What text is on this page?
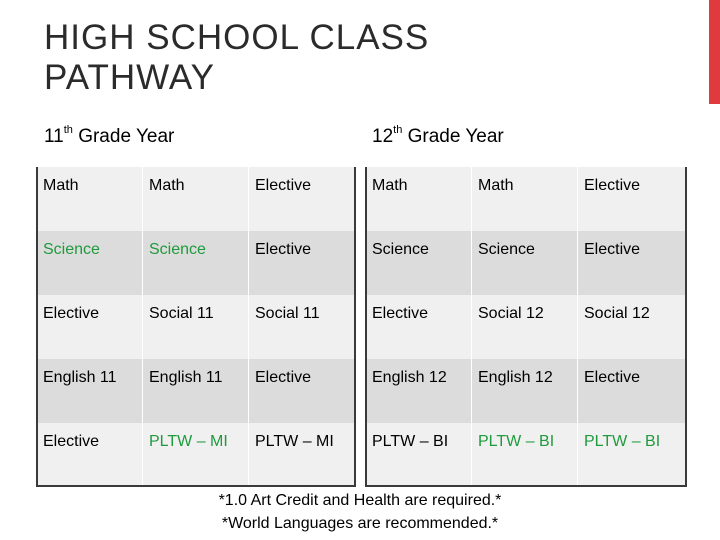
HIGH SCHOOL CLASS
PATHWAY
11th Grade Year	12th Grade Year
Math	Math	Elective
Science	Science	Elective
Elective	Social 11	Social 11
English 11	English 11	Elective
Elective	PLTW – MI	PLTW – MI
Math	Math	Elective
Science	Science	Elective
Elective	Social 12	Social 12
English 12	English 12	Elective
PLTW – BI	PLTW – BI	PLTW – BI
*1.0 Art Credit and Health are required.*
*World Languages are recommended.*
